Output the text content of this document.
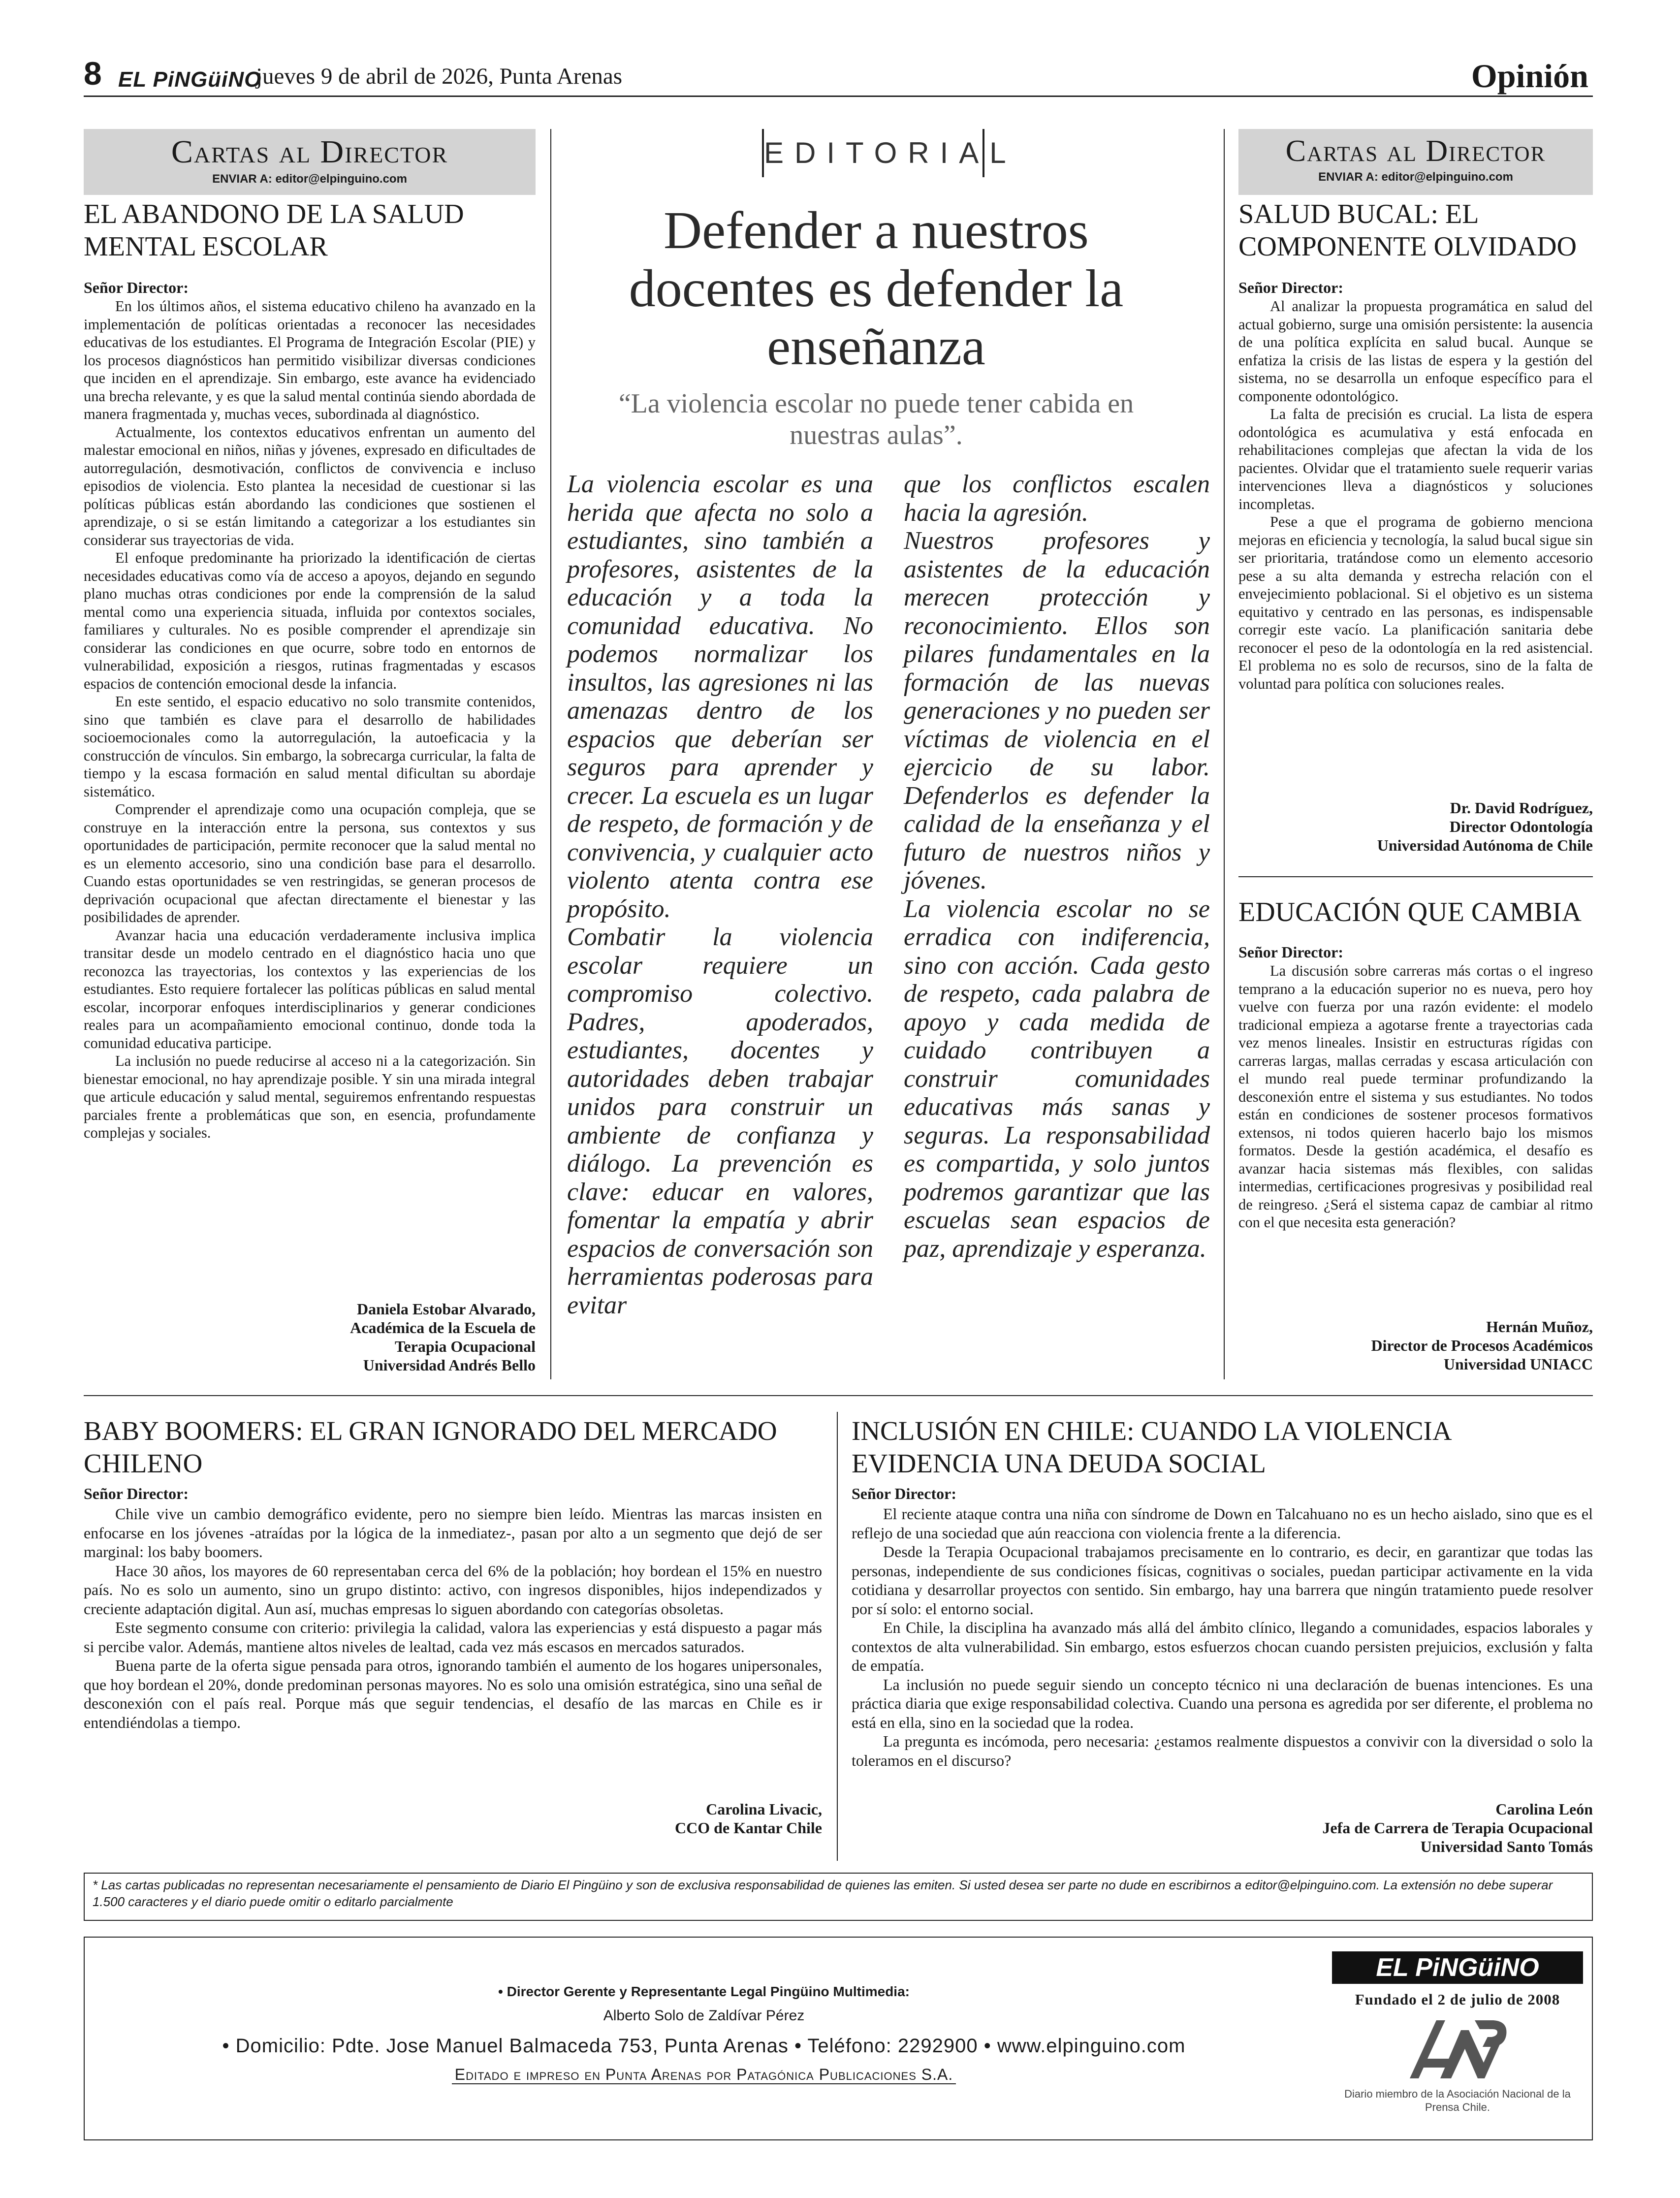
8 EL PiNGüiNO
jueves 9 de abril de 2026, Punta Arenas	Opinión
Cartas al Director
ENVIAR A: editor@elpinguino.com
EL ABANDONO DE LA SALUD MENTAL ESCOLAR
Señor Director:

En los últimos años, el sistema educativo chileno ha avanzado en la implementación de políticas orientadas a reconocer las necesidades educativas de los estudiantes. El Programa de Integración Escolar (PIE) y los procesos diagnósticos han permitido visibilizar diversas condiciones que inciden en el aprendizaje. Sin embargo, este avance ha evidenciado una brecha relevante, y es que la salud mental continúa siendo abordada de manera fragmentada y, muchas veces, subordinada al diagnóstico.

Actualmente, los contextos educativos enfrentan un aumento del malestar emocional en niños, niñas y jóvenes, expresado en dificultades de autorregulación, desmotivación, conflictos de convivencia e incluso episodios de violencia. Esto plantea la necesidad de cuestionar si las políticas públicas están abordando las condiciones que sostienen el aprendizaje, o si se están limitando a categorizar a los estudiantes sin considerar sus trayectorias de vida.

El enfoque predominante ha priorizado la identificación de ciertas necesidades educativas como vía de acceso a apoyos, dejando en segundo plano muchas otras condiciones por ende la comprensión de la salud mental como una experiencia situada, influida por contextos sociales, familiares y culturales. No es posible comprender el aprendizaje sin considerar las condiciones en que ocurre, sobre todo en entornos de vulnerabilidad, exposición a riesgos, rutinas fragmentadas y escasos espacios de contención emocional desde la infancia.

En este sentido, el espacio educativo no solo transmite contenidos, sino que también es clave para el desarrollo de habilidades socioemocionales como la autorregulación, la autoeficacia y la construcción de vínculos. Sin embargo, la sobrecarga curricular, la falta de tiempo y la escasa formación en salud mental dificultan su abordaje sistemático.

Comprender el aprendizaje como una ocupación compleja, que se construye en la interacción entre la persona, sus contextos y sus oportunidades de participación, permite reconocer que la salud mental no es un elemento accesorio, sino una condición base para el desarrollo. Cuando estas oportunidades se ven restringidas, se generan procesos de deprivación ocupacional que afectan directamente el bienestar y las posibilidades de aprender.

Avanzar hacia una educación verdaderamente inclusiva implica transitar desde un modelo centrado en el diagnóstico hacia uno que reconozca las trayectorias, los contextos y las experiencias de los estudiantes. Esto requiere fortalecer las políticas públicas en salud mental escolar, incorporar enfoques interdisciplinarios y generar condiciones reales para un acompañamiento emocional continuo, donde toda la comunidad educativa participe.

La inclusión no puede reducirse al acceso ni a la categorización. Sin bienestar emocional, no hay aprendizaje posible. Y sin una mirada integral que articule educación y salud mental, seguiremos enfrentando respuestas parciales frente a problemáticas que son, en esencia, profundamente complejas y sociales.

Daniela Estobar Alvarado,
Académica de la Escuela de
Terapia Ocupacional
Universidad Andrés Bello
EDITORIAL
Defender a nuestros docentes es defender la enseñanza
“La violencia escolar no puede tener cabida en nuestras aulas”.

La violencia escolar es una herida que afecta no solo a estudiantes, sino también a profesores, asistentes de la educación y a toda la comunidad educativa. No podemos normalizar los insultos, las agresiones ni las amenazas dentro de los espacios que deberían ser seguros para aprender y crecer. La escuela es un lugar de respeto, de formación y de convivencia, y cualquier acto violento atenta contra ese propósito.

Combatir la violencia escolar requiere un compromiso colectivo. Padres, apoderados, estudiantes, docentes y autoridades deben trabajar unidos para construir un ambiente de confianza y diálogo. La prevención es clave: educar en valores, fomentar la empatía y abrir espacios de conversación son herramientas poderosas para evitar

que los conflictos escalen hacia la agresión.

Nuestros profesores y asistentes de la educación merecen protección y reconocimiento. Ellos son pilares fundamentales en la formación de las nuevas generaciones y no pueden ser víctimas de violencia en el ejercicio de su labor. Defenderlos es defender la calidad de la enseñanza y el futuro de nuestros niños y jóvenes.

La violencia escolar no se erradica con indiferencia, sino con acción. Cada gesto de respeto, cada palabra de apoyo y cada medida de cuidado contribuyen a construir comunidades educativas más sanas y seguras. La responsabilidad es compartida, y solo juntos podremos garantizar que las escuelas sean espacios de paz, aprendizaje y esperanza.

Cartas al Director
ENVIAR A: editor@elpinguino.com
SALUD BUCAL: EL COMPONENTE OLVIDADO
Señor Director:

Al analizar la propuesta programática en salud del actual gobierno, surge una omisión persistente: la ausencia de una política explícita en salud bucal. Aunque se enfatiza la crisis de las listas de espera y la gestión del sistema, no se desarrolla un enfoque específico para el componente odontológico.

La falta de precisión es crucial. La lista de espera odontológica es acumulativa y está enfocada en rehabilitaciones complejas que afectan la vida de los pacientes. Olvidar que el tratamiento suele requerir varias intervenciones lleva a diagnósticos y soluciones incompletas.

Pese a que el programa de gobierno menciona mejoras en eficiencia y tecnología, la salud bucal sigue sin ser prioritaria, tratándose como un elemento accesorio pese a su alta demanda y estrecha relación con el envejecimiento poblacional. Si el objetivo es un sistema equitativo y centrado en las personas, es indispensable corregir este vacío. La planificación sanitaria debe reconocer el peso de la odontología en la red asistencial. El problema no es solo de recursos, sino de la falta de voluntad para política con soluciones reales.

Dr. David Rodríguez,
Director Odontología
Universidad Autónoma de Chile
EDUCACIÓN QUE CAMBIA
Señor Director:

La discusión sobre carreras más cortas o el ingreso temprano a la educación superior no es nueva, pero hoy vuelve con fuerza por una razón evidente: el modelo tradicional empieza a agotarse frente a trayectorias cada vez menos lineales. Insistir en estructuras rígidas con carreras largas, mallas cerradas y escasa articulación con el mundo real puede terminar profundizando la desconexión entre el sistema y sus estudiantes. No todos están en condiciones de sostener procesos formativos extensos, ni todos quieren hacerlo bajo los mismos formatos. Desde la gestión académica, el desafío es avanzar hacia sistemas más flexibles, con salidas intermedias, certificaciones progresivas y posibilidad real de reingreso. ¿Será el sistema capaz de cambiar al ritmo con el que necesita esta generación?

Hernán Muñoz,
Director de Procesos Académicos
Universidad UNIACC
BABY BOOMERS: EL GRAN IGNORADO DEL MERCADO CHILENO
Señor Director:

Chile vive un cambio demográfico evidente, pero no siempre bien leído. Mientras las marcas insisten en enfocarse en los jóvenes -atraídas por la lógica de la inmediatez-, pasan por alto a un segmento que dejó de ser marginal: los baby boomers.

Hace 30 años, los mayores de 60 representaban cerca del 6% de la población; hoy bordean el 15% en nuestro país. No es solo un aumento, sino un grupo distinto: activo, con ingresos disponibles, hijos independizados y creciente adaptación digital. Aun así, muchas empresas lo siguen abordando con categorías obsoletas.

Este segmento consume con criterio: privilegia la calidad, valora las experiencias y está dispuesto a pagar más si percibe valor. Además, mantiene altos niveles de lealtad, cada vez más escasos en mercados saturados.

Buena parte de la oferta sigue pensada para otros, ignorando también el aumento de los hogares unipersonales, que hoy bordean el 20%, donde predominan personas mayores. No es solo una omisión estratégica, sino una señal de desconexión con el país real. Porque más que seguir tendencias, el desafío de las marcas en Chile es ir entendiéndolas a tiempo.

Carolina Livacic,
CCO de Kantar Chile
INCLUSIÓN EN CHILE: CUANDO LA VIOLENCIA EVIDENCIA UNA DEUDA SOCIAL
Señor Director:

El reciente ataque contra una niña con síndrome de Down en Talcahuano no es un hecho aislado, sino que es el reflejo de una sociedad que aún reacciona con violencia frente a la diferencia.

Desde la Terapia Ocupacional trabajamos precisamente en lo contrario, es decir, en garantizar que todas las personas, independiente de sus condiciones físicas, cognitivas o sociales, puedan participar activamente en la vida cotidiana y desarrollar proyectos con sentido. Sin embargo, hay una barrera que ningún tratamiento puede resolver por sí solo: el entorno social.

En Chile, la disciplina ha avanzado más allá del ámbito clínico, llegando a comunidades, espacios laborales y contextos de alta vulnerabilidad. Sin embargo, estos esfuerzos chocan cuando persisten prejuicios, exclusión y falta de empatía.

La inclusión no puede seguir siendo un concepto técnico ni una declaración de buenas intenciones. Es una práctica diaria que exige responsabilidad colectiva. Cuando una persona es agredida por ser diferente, el problema no está en ella, sino en la sociedad que la rodea.

La pregunta es incómoda, pero necesaria: ¿estamos realmente dispuestos a convivir con la diversidad o solo la toleramos en el discurso?

Carolina León
Jefa de Carrera de Terapia Ocupacional
Universidad Santo Tomás
* Las cartas publicadas no representan necesariamente el pensamiento de Diario El Pingüino y son de exclusiva responsabilidad de quienes las emiten. Si usted desea ser parte no dude en escribirnos a editor@elpinguino.com. La extensión no debe superar 1.500 caracteres y el diario puede omitir o editarlo parcialmente
• Director Gerente y Representante Legal Pingüino Multimedia:
Alberto Solo de Zaldívar Pérez
• Domicilio: Pdte. Jose Manuel Balmaceda 753, Punta Arenas • Teléfono: 2292900 • www.elpinguino.com
Editado e impreso en Punta Arenas por Patagónica Publicaciones S.A.
EL PiNGüiNO
Fundado el 2 de julio de 2008
Diario miembro de la Asociación Nacional de la Prensa Chile.
